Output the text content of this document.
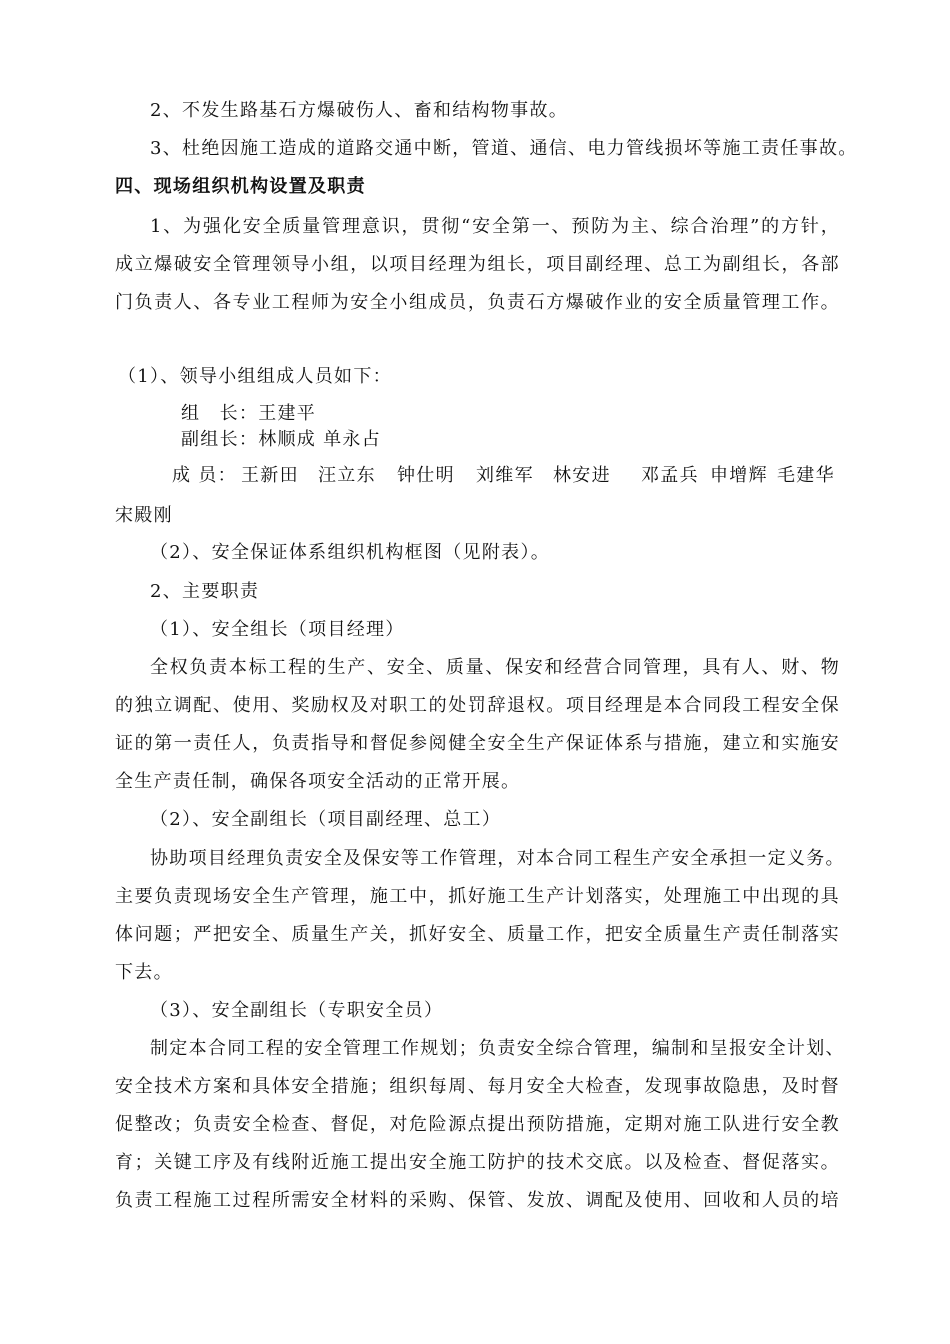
2、不发生路基石方爆破伤人、畜和结构物事故。
3、杜绝因施工造成的道路交通中断，管道、通信、电力管线损坏等施工责任事故。
四、现场组织机构设置及职责
1、为强化安全质量管理意识，贯彻“安全第一、预防为主、综合治理”的方针，
成立爆破安全管理领导小组，以项目经理为组长，项目副经理、总工为副组长，各部
门负责人、各专业工程师为安全小组成员，负责石方爆破作业的安全质量管理工作。
（1）、领导小组组成人员如下：
组　长：王建平
副组长：林顺成 单永占
成 员： 王新田 汪立东 钟仕明 刘维军 林安进 邓孟兵 申增辉 毛建华
宋殿刚
（2）、安全保证体系组织机构框图（见附表）。
2、主要职责
（1）、安全组长（项目经理）
全权负责本标工程的生产、安全、质量、保安和经营合同管理，具有人、财、物
的独立调配、使用、奖励权及对职工的处罚辞退权。项目经理是本合同段工程安全保
证的第一责任人，负责指导和督促参阅健全安全生产保证体系与措施，建立和实施安
全生产责任制，确保各项安全活动的正常开展。
（2）、安全副组长（项目副经理、总工）
协助项目经理负责安全及保安等工作管理，对本合同工程生产安全承担一定义务。
主要负责现场安全生产管理，施工中，抓好施工生产计划落实，处理施工中出现的具
体问题；严把安全、质量生产关，抓好安全、质量工作，把安全质量生产责任制落实
下去。
（3）、安全副组长（专职安全员）
制定本合同工程的安全管理工作规划；负责安全综合管理，编制和呈报安全计划、
安全技术方案和具体安全措施；组织每周、每月安全大检查，发现事故隐患，及时督
促整改；负责安全检查、督促，对危险源点提出预防措施，定期对施工队进行安全教
育；关键工序及有线附近施工提出安全施工防护的技术交底。以及检查、督促落实。
负责工程施工过程所需安全材料的采购、保管、发放、调配及使用、回收和人员的培
